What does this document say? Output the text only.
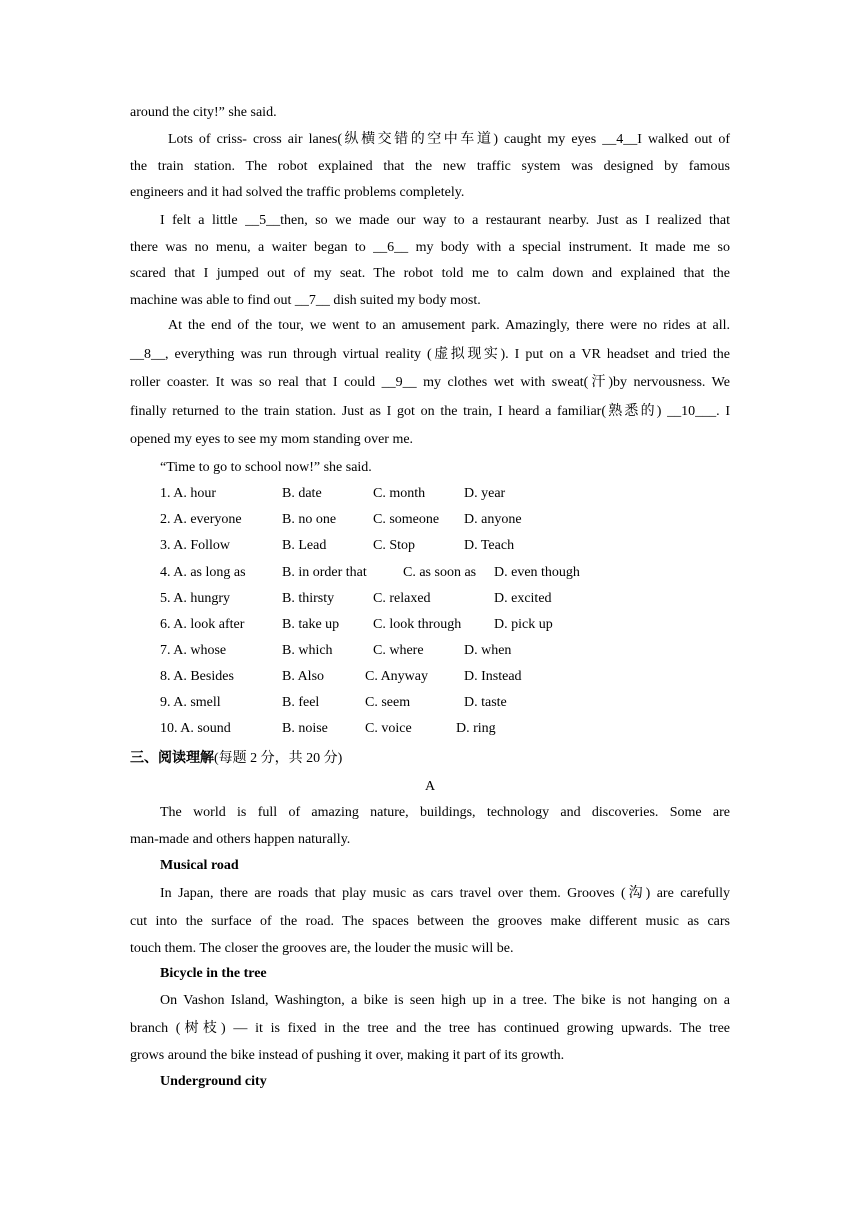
around the city!” she said.
Lots of criss- cross air lanes(纵横交错的空中车道) caught my eyes __4__I walked out of
the train station. The robot explained that the new traffic system was designed by famous
engineers and it had solved the traffic problems completely.
I felt a little __5__then, so we made our way to a restaurant nearby. Just as I realized that
there was no menu, a waiter began to __6__ my body with a special instrument. It made me so
scared that I jumped out of my seat. The robot told me to calm down and explained that the
machine was able to find out __7__ dish suited my body most.
At the end of the tour, we went to an amusement park. Amazingly, there were no rides at all.
__8__, everything was run through virtual reality (虚拟现实). I put on a VR headset and tried the
roller coaster. It was so real that I could __9__ my clothes wet with sweat(汗)by nervousness. We
finally returned to the train station. Just as I got on the train, I heard a familiar(熟悉的) __10___. I
opened my eyes to see my mom standing over me.
“Time to go to school now!” she said.
1. A. hour	B. date	C. month	D. year
2. A. everyone	B. no one	C. someone D. anyone
3. A. Follow	B. Lead	C. Stop	D. Teach
4. A. as long as	B. in order that	C. as soon as D. even though
5. A. hungry	B. thirsty	C. relaxed	D. excited
6. A. look after	B. take up C. look through D. pick up
7. A. whose	B. which	C. where	D. when
8. A. Besides	B. Also	C. Anyway	D. Instead
9. A. smell	B. feel	C. seem	D. taste
10. A. sound	B. noise	C. voice	D. ring
三、阅读理解(每题 2 分，共 20 分)
A
The world is full of amazing nature, buildings, technology and discoveries. Some are
man-made and others happen naturally.
Musical road
In Japan, there are roads that play music as cars travel over them. Grooves (沟) are carefully
cut into the surface of the road. The spaces between the grooves make different music as cars
touch them. The closer the grooves are, the louder the music will be.
Bicycle in the tree
On Vashon Island, Washington, a bike is seen high up in a tree. The bike is not hanging on a
branch (树枝) — it is fixed in the tree and the tree has continued growing upwards. The tree
grows around the bike instead of pushing it over, making it part of its growth.
Underground city
